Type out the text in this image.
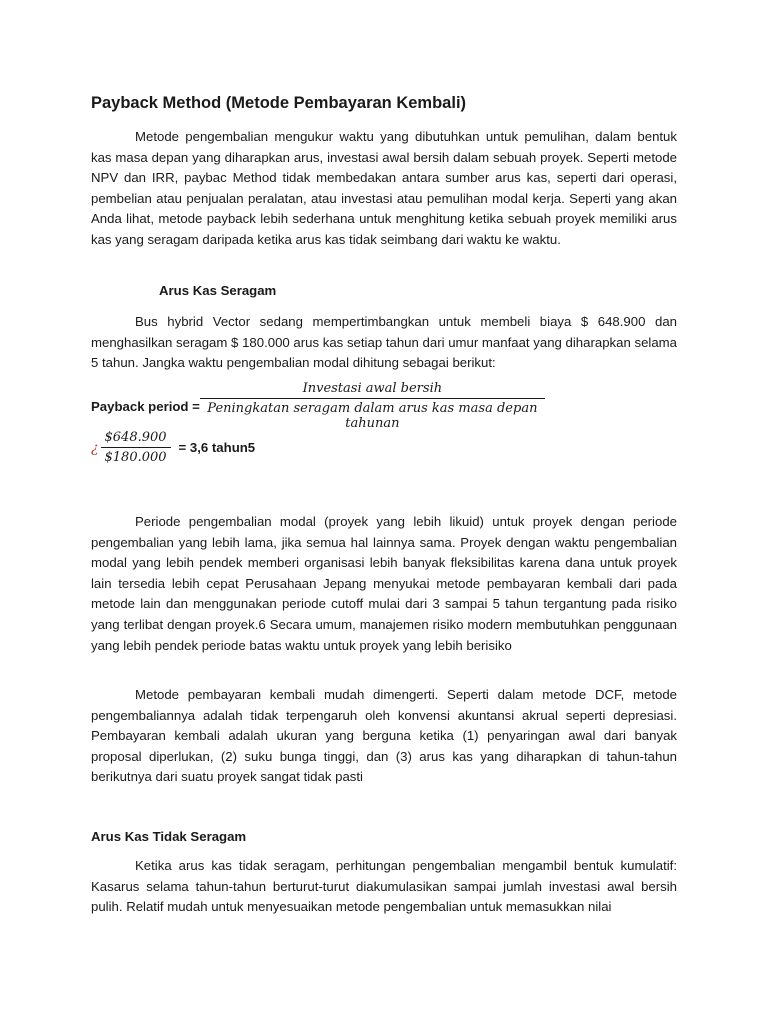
Payback Method (Metode Pembayaran Kembali)

Metode pengembalian mengukur waktu yang dibutuhkan untuk pemulihan, dalam bentuk kas masa depan yang diharapkan arus, investasi awal bersih dalam sebuah proyek. Seperti metode NPV dan IRR, paybac Method tidak membedakan antara sumber arus kas, seperti dari operasi, pembelian atau penjualan peralatan, atau investasi atau pemulihan modal kerja. Seperti yang akan Anda lihat, metode payback lebih sederhana untuk menghitung ketika sebuah proyek memiliki arus kas yang seragam daripada ketika arus kas tidak seimbang dari waktu ke waktu.

Arus Kas Seragam

Bus hybrid Vector sedang mempertimbangkan untuk membeli biaya $ 648.900 dan menghasilkan seragam $ 180.000 arus kas setiap tahun dari umur manfaat yang diharapkan selama 5 tahun. Jangka waktu pengembalian modal dihitung sebagai berikut:

Payback period = $\frac{\text{Investasi awal bersih}}{\text{Peningkatan seragam dalam arus kas masa depan tahunan}}$
¿ $\frac{\$648.900}{\$180.000} = 3,6$ tahun5

Periode pengembalian modal (proyek yang lebih likuid) untuk proyek dengan periode pengembalian yang lebih lama, jika semua hal lainnya sama. Proyek dengan waktu pengembalian modal yang lebih pendek memberi organisasi lebih banyak fleksibilitas karena dana untuk proyek lain tersedia lebih cepat Perusahaan Jepang menyukai metode pembayaran kembali dari pada metode lain dan menggunakan periode cutoff mulai dari 3 sampai 5 tahun tergantung pada risiko yang terlibat dengan proyek.6 Secara umum, manajemen risiko modern membutuhkan penggunaan yang lebih pendek periode batas waktu untuk proyek yang lebih berisiko

Metode pembayaran kembali mudah dimengerti. Seperti dalam metode DCF, metode pengembaliannya adalah tidak terpengaruh oleh konvensi akuntansi akrual seperti depresiasi. Pembayaran kembali adalah ukuran yang berguna ketika (1) penyaringan awal dari banyak proposal diperlukan, (2) suku bunga tinggi, dan (3) arus kas yang diharapkan di tahun-tahun berikutnya dari suatu proyek sangat tidak pasti

Arus Kas Tidak Seragam

Ketika arus kas tidak seragam, perhitungan pengembalian mengambil bentuk kumulatif: Kasarus selama tahun-tahun berturut-turut diakumulasikan sampai jumlah investasi awal bersih pulih. Relatif mudah untuk menyesuaikan metode pengembalian untuk memasukkan nilai
